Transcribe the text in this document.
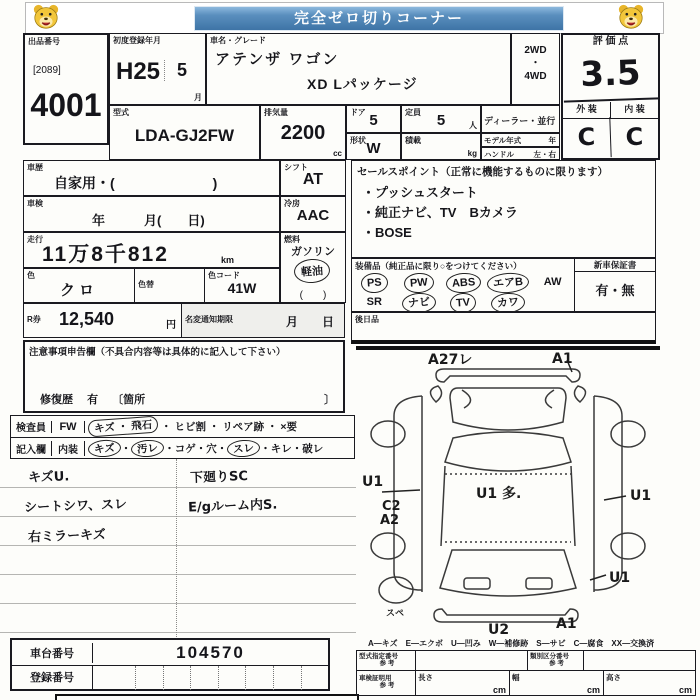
完全ゼロ切りコーナー
出品番号
[2089]
4001
初度登録年月
H25 5
月
車名・グレード
アテンザ ワゴン
XD Lパッケージ
2WD
・
4WD
評 価 点
3.5
外 装	内 装
C	C
型式
LDA-GJ2FW
排気量
2200
cc
ドア 5	定員	5	人 ディーラー・並行
形状 W	積載
kg
モデル年式	年
ハンドル	左・右
車歴
自家用・(　　　　　　　)
シフト
AT
車検
年　　　月(　　日)
冷房
AAC
走行
11万8千812	km
燃料
ガソリン
軽油
(　　)
色
クロ	色替
色コード
41W
R券 12,540	円
名変通知期限	月　　日
セールスポイント（正常に機能するものに限ります）
・プッシュスタート
・純正ナビ、TV　Bカメラ
・BOSE
装備品（純正品に限り○をつけてください）
PS	PW	ABS	エアB	AW
SR	ナビ	TV	カワ
新車保証書
有・無
後日品
注意事項申告欄（不具合内容等は具体的に記入して下さい）
修復歴　 有　 〔箇所	〕
検査員	FW	キズ ・ 飛石 ・ ヒビ割 ・ リペア跡 ・ ×要
記入欄	内装	キズ ・ 汚レ ・コゲ・穴・ スレ ・キレ・破レ
キズU.
シートシワ、スレ
右ミラーキズ
下廻りSC
E/gルーム内S.
A27レ	A1
U1
C2
A2
U1 多.	U1
U1
U2	A1
スペ
A―キズ　E―エクボ　U―凹み　W―補修跡　S―サビ　C―腐食　XX―交換済
車台番号	104570
登録番号
型式指定番号
参 考
類別区分番号
参 考
車検証明用
参 考
長さ
cm
幅
cm
高さ
cm
